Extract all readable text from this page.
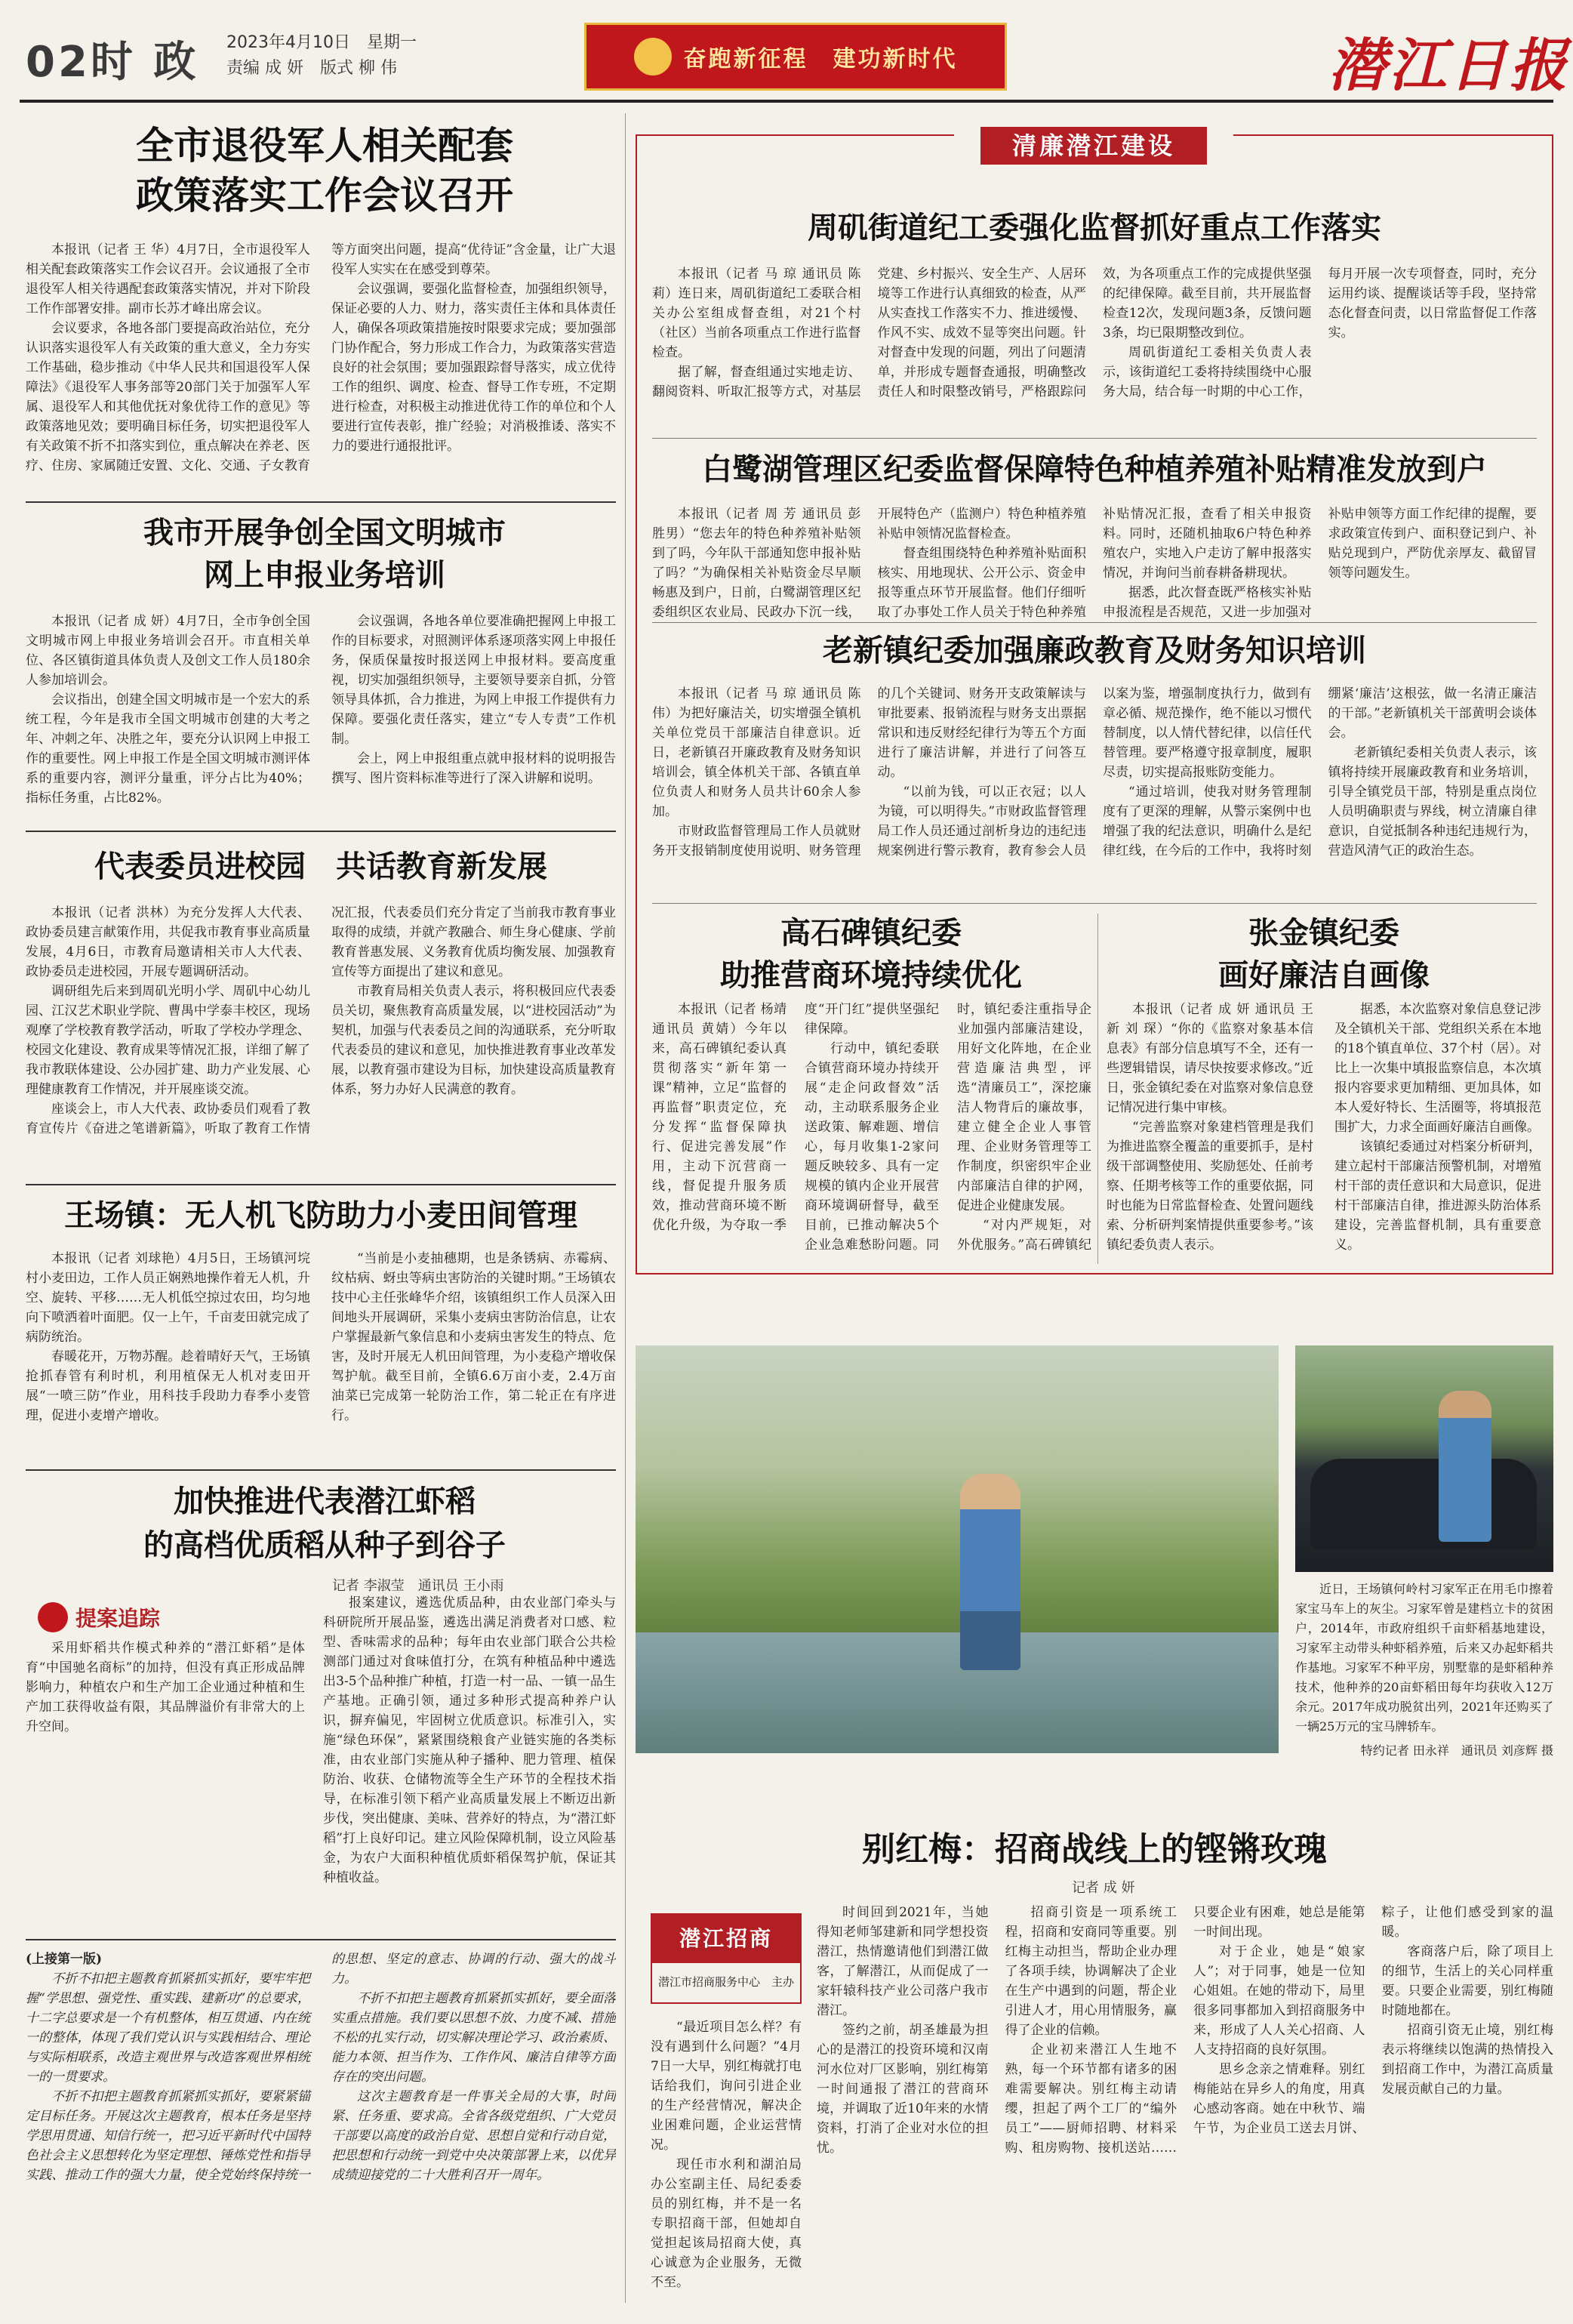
02时 政 2023年4月10日　星期一
责编 成 妍　版式 柳 伟	奋跑新征程　建功新时代	潜江日报
全市退役军人相关配套
政策落实工作会议召开

本报讯（记者 王 华）4月7日，全市退役军人相关配套政策落实工作会议召开。会议通报了全市退役军人相关待遇配套政策落实情况，并对下阶段工作作部署安排。副市长苏才峰出席会议。

会议要求，各地各部门要提高政治站位，充分认识落实退役军人有关政策的重大意义，全力夯实工作基础，稳步推动《中华人民共和国退役军人保障法》《退役军人事务部等20部门关于加强军人军属、退役军人和其他优抚对象优待工作的意见》等政策落地见效；要明确目标任务，切实把退役军人有关政策不折不扣落实到位，重点解决在养老、医疗、住房、家属随迁安置、文化、交通、子女教育等方面突出问题，提高“优待证”含金量，让广大退役军人实实在在感受到尊荣。

会议强调，要强化监督检查，加强组织领导，保证必要的人力、财力，落实责任主体和具体责任人，确保各项政策措施按时限要求完成；要加强部门协作配合，努力形成工作合力，为政策落实营造良好的社会氛围；要加强跟踪督导落实，成立优待工作的组织、调度、检查、督导工作专班，不定期进行检查，对积极主动推进优待工作的单位和个人要进行宣传表彰，推广经验；对消极推诿、落实不力的要进行通报批评。

我市开展争创全国文明城市
网上申报业务培训

本报讯（记者 成 妍）4月7日，全市争创全国文明城市网上申报业务培训会召开。市直相关单位、各区镇街道具体负责人及创文工作人员180余人参加培训会。

会议指出，创建全国文明城市是一个宏大的系统工程，今年是我市全国文明城市创建的大考之年、冲刺之年、决胜之年，要充分认识网上申报工作的重要性。网上申报工作是全国文明城市测评体系的重要内容，测评分量重，评分占比为40%；指标任务重，占比82%。

会议强调，各地各单位要准确把握网上申报工作的目标要求，对照测评体系逐项落实网上申报任务，保质保量按时报送网上申报材料。要高度重视，切实加强组织领导，主要领导要亲自抓，分管领导具体抓，合力推进，为网上申报工作提供有力保障。要强化责任落实，建立“专人专责”工作机制。

会上，网上申报组重点就申报材料的说明报告撰写、图片资料标准等进行了深入讲解和说明。

代表委员进校园　共话教育新发展

本报讯（记者 洪林）为充分发挥人大代表、政协委员建言献策作用，共促我市教育事业高质量发展，4月6日，市教育局邀请相关市人大代表、政协委员走进校园，开展专题调研活动。

调研组先后来到周矶光明小学、周矶中心幼儿园、江汉艺术职业学院、曹禺中学泰丰校区，现场观摩了学校教育教学活动，听取了学校办学理念、校园文化建设、教育成果等情况汇报，详细了解了我市教联体建设、公办园扩建、助力产业发展、心理健康教育工作情况，并开展座谈交流。

座谈会上，市人大代表、政协委员们观看了教育宣传片《奋进之笔谱新篇》，听取了教育工作情况汇报，代表委员们充分肯定了当前我市教育事业取得的成绩，并就产教融合、师生身心健康、学前教育普惠发展、义务教育优质均衡发展、加强教育宣传等方面提出了建议和意见。

市教育局相关负责人表示，将积极回应代表委员关切，聚焦教育高质量发展，以“进校园活动”为契机，加强与代表委员之间的沟通联系，充分听取代表委员的建议和意见，加快推进教育事业改革发展，以教育强市建设为目标，加快建设高质量教育体系，努力办好人民满意的教育。

王场镇：无人机飞防助力小麦田间管理

本报讯（记者 刘球艳）4月5日，王场镇河垸村小麦田边，工作人员正娴熟地操作着无人机，升空、旋转、平移……无人机低空掠过农田，均匀地向下喷洒着叶面肥。仅一上午，千亩麦田就完成了病防统治。

春暖花开，万物苏醒。趁着晴好天气，王场镇抢抓春管有利时机，利用植保无人机对麦田开展“一喷三防”作业，用科技手段助力春季小麦管理，促进小麦增产增收。

“当前是小麦抽穗期，也是条锈病、赤霉病、纹枯病、蚜虫等病虫害防治的关键时期。”王场镇农技中心主任张峰华介绍，该镇组织工作人员深入田间地头开展调研，采集小麦病虫害防治信息，让农户掌握最新气象信息和小麦病虫害发生的特点、危害，及时开展无人机田间管理，为小麦稳产增收保驾护航。截至目前，全镇6.6万亩小麦，2.4万亩油菜已完成第一轮防治工作，第二轮正在有序进行。

加快推进代表潜江虾稻
的高档优质稻从种子到谷子
记者 李淑莹　通讯员 王小雨
提案追踪

采用虾稻共作模式种养的“潜江虾稻”是体育“中国驰名商标”的加持，但没有真正形成品牌影响力，种植农户和生产加工企业通过种植和生产加工获得收益有限，其品牌溢价有非常大的上升空间。

报案建议，遴选优质品种，由农业部门牵头与科研院所开展品鉴，遴选出满足消费者对口感、粒型、香味需求的品种；每年由农业部门联合公共检测部门通过对食味值打分，在筑有种植品种中遴选出3-5个品种推广种植，打造一村一品、一镇一品生产基地。正确引领，通过多种形式提高种养户认识，摒弃偏见，牢固树立优质意识。标准引入，实施“绿色环保”，紧紧围绕粮食产业链实施的各类标准，由农业部门实施从种子播种、肥力管理、植保防治、收获、仓储物流等全生产环节的全程技术指导，在标准引领下稻产业高质量发展上不断迈出新步伐，突出健康、美味、营养好的特点，为“潜江虾稻”打上良好印记。建立风险保障机制，设立风险基金，为农户大面积种植优质虾稻保驾护航，保证其种植收益。

(上接第一版)

不折不扣把主题教育抓紧抓实抓好，要牢牢把握“学思想、强党性、重实践、建新功”的总要求，十二字总要求是一个有机整体，相互贯通、内在统一的整体，体现了我们党认识与实践相结合、理论与实际相联系，改造主观世界与改造客观世界相统一的一贯要求。

不折不扣把主题教育抓紧抓实抓好，要紧紧锚定目标任务。开展这次主题教育，根本任务是坚持学思用贯通、知信行统一，把习近平新时代中国特色社会主义思想转化为坚定理想、锤炼党性和指导实践、推动工作的强大力量，使全党始终保持统一的思想、坚定的意志、协调的行动、强大的战斗力。

不折不扣把主题教育抓紧抓实抓好，要全面落实重点措施。我们要以思想不放、力度不减、措施不松的扎实行动，切实解决理论学习、政治素质、能力本领、担当作为、工作作风、廉洁自律等方面存在的突出问题。

这次主题教育是一件事关全局的大事，时间紧、任务重、要求高。全省各级党组织、广大党员干部要以高度的政治自觉、思想自觉和行动自觉，把思想和行动统一到党中央决策部署上来，以优异成绩迎接党的二十大胜利召开一周年。

清廉潜江建设
周矶街道纪工委强化监督抓好重点工作落实

本报讯（记者 马 琼 通讯员 陈 莉）连日来，周矶街道纪工委联合相关办公室组成督查组，对21个村（社区）当前各项重点工作进行监督检查。

据了解，督查组通过实地走访、翻阅资料、听取汇报等方式，对基层党建、乡村振兴、安全生产、人居环境等工作进行认真细致的检查，从严从实查找工作落实不力、推进缓慢、作风不实、成效不显等突出问题。针对督查中发现的问题，列出了问题清单，并形成专题督查通报，明确整改责任人和时限整改销号，严格跟踪问效，为各项重点工作的完成提供坚强的纪律保障。截至目前，共开展监督检查12次，发现问题3条，反馈问题3条，均已限期整改到位。

周矶街道纪工委相关负责人表示，该街道纪工委将持续围绕中心服务大局，结合每一时期的中心工作，每月开展一次专项督查，同时，充分运用约谈、提醒谈话等手段，坚持常态化督查问责，以日常监督促工作落实。

白鹭湖管理区纪委监督保障特色种植养殖补贴精准发放到户

本报讯（记者 周 芳 通讯员 彭胜男）“您去年的特色种养殖补贴领到了吗，今年队干部通知您申报补贴了吗？”为确保相关补贴资金尽早顺畅惠及到户，日前，白鹭湖管理区纪委组织区农业局、民政办下沉一线，开展特色产（监测户）特色种植养殖补贴申领情况监督检查。

督查组围绕特色种养殖补贴面积核实、用地现状、公开公示、资金申报等重点环节开展监督。他们仔细听取了办事处工作人员关于特色种养殖补贴情况汇报，查看了相关申报资料。同时，还随机抽取6户特色种养殖农户，实地入户走访了解申报落实情况，并询问当前春耕备耕现状。

据悉，此次督查既严格核实补贴申报流程是否规范，又进一步加强对补贴申领等方面工作纪律的提醒，要求政策宣传到户、面积登记到户、补贴兑现到户，严防优亲厚友、截留冒领等问题发生。

老新镇纪委加强廉政教育及财务知识培训

本报讯（记者 马 琼 通讯员 陈伟）为把好廉洁关，切实增强全镇机关单位党员干部廉洁自律意识。近日，老新镇召开廉政教育及财务知识培训会，镇全体机关干部、各镇直单位负责人和财务人员共计60余人参加。

市财政监督管理局工作人员就财务开支报销制度使用说明、财务管理的几个关键词、财务开支政策解读与审批要素、报销流程与财务支出票据常识和违反财经纪律行为等五个方面进行了廉洁讲解，并进行了问答互动。

“以前为钱，可以正衣冠；以人为镜，可以明得失。”市财政监督管理局工作人员还通过剖析身边的违纪违规案例进行警示教育，教育参会人员以案为鉴，增强制度执行力，做到有章必循、规范操作，绝不能以习惯代替制度，以人情代替纪律，以信任代替管理。要严格遵守报章制度，履职尽责，切实提高报账防变能力。

“通过培训，使我对财务管理制度有了更深的理解，从警示案例中也增强了我的纪法意识，明确什么是纪律红线，在今后的工作中，我将时刻绷紧‘廉洁’这根弦，做一名清正廉洁的干部。”老新镇机关干部黄明会谈体会。

老新镇纪委相关负责人表示，该镇将持续开展廉政教育和业务培训，引导全镇党员干部，特别是重点岗位人员明确职责与界线，树立清廉自律意识，自觉抵制各种违纪违规行为，营造风清气正的政治生态。

高石碑镇纪委
助推营商环境持续优化

本报讯（记者 杨靖 通讯员 黄婧）今年以来，高石碑镇纪委认真贯彻落实“新年第一课”精神，立足“监督的再监督”职责定位，充分发挥“监督保障执行、促进完善发展”作用，主动下沉营商一线，督促提升服务质效，推动营商环境不断优化升级，为夺取一季度“开门红”提供坚强纪律保障。

行动中，镇纪委联合镇营商环境办持续开展“走企问政督效”活动，主动联系服务企业送政策、解难题、增信心，每月收集1-2家问题反映较多、具有一定规模的镇内企业开展营商环境调研督导，截至目前，已推动解决5个企业急难愁盼问题。同时，镇纪委注重指导企业加强内部廉洁建设，用好文化阵地，在企业营造廉洁典型，评选“清廉员工”，深挖廉洁人物背后的廉故事，建立健全企业人事管理、企业财务管理等工作制度，织密织牢企业内部廉洁自律的护网，促进企业健康发展。

“对内严规矩，对外优服务。”高石碑镇纪

张金镇纪委
画好廉洁自画像

本报讯（记者 成 妍 通讯员 王 新 刘 琛）“你的《监察对象基本信息表》有部分信息填写不全，还有一些逻辑错误，请尽快按要求修改。”近日，张金镇纪委在对监察对象信息登记情况进行集中审核。

“完善监察对象建档管理是我们为推进监察全覆盖的重要抓手，是村级干部调整使用、奖励惩处、任前考察、任期考核等工作的重要依据，同时也能为日常监督检查、处置问题线索、分析研判案情提供重要参考。”该镇纪委负责人表示。

据悉，本次监察对象信息登记涉及全镇机关干部、党组织关系在本地的18个镇直单位、37个村（居）。对比上一次集中填报监察信息，本次填报内容要求更加精细、更加具体，如本人爱好特长、生活圈等，将填报范围扩大，力求全面画好廉洁自画像。

该镇纪委通过对档案分析研判，建立起村干部廉洁预警机制，对增殖村干部的责任意识和大局意识，促进村干部廉洁自律，推进源头防治体系建设，完善监督机制，具有重要意义。

近日，王场镇何岭村习家军正在用毛巾擦着家宝马车上的灰尘。习家军曾是建档立卡的贫困户，2014年，市政府组织千亩虾稻基地建设，习家军主动带头种虾稻养殖，后来又办起虾稻共作基地。习家军不种平房，别墅靠的是虾稻种养技术，他种养的20亩虾稻田每年均获收入12万余元。2017年成功脱贫出列，2021年还购买了一辆25万元的宝马牌轿车。

特约记者 田永祥　通讯员 刘彦辉 摄
别红梅：招商战线上的铿锵玫瑰
记者 成 妍
潜江招商
潜江市招商服务中心　主办

“最近项目怎么样？有没有遇到什么问题？”4月7日一大早，别红梅就打电话给我们，询问引进企业的生产经营情况，解决企业困难问题，企业运营情况。

现任市水利和湖泊局办公室副主任、局纪委委员的别红梅，并不是一名专职招商干部，但她却自觉担起该局招商大使，真心诚意为企业服务，无微不至。

时间回到2021年，当她得知老师邹建新和同学想投资潜江，热情邀请他们到潜江做客，了解潜江，从而促成了一家轩辕科技产业公司落户我市潜江。

签约之前，胡圣雄最为担心的是潜江的投资环境和汉南河水位对厂区影响，别红梅第一时间通报了潜江的营商环境，并调取了近10年来的水情资料，打消了企业对水位的担忧。

招商引资是一项系统工程，招商和安商同等重要。别红梅主动担当，帮助企业办理了各项手续，协调解决了企业在生产中遇到的问题，帮企业引进人才，用心用情服务，赢得了企业的信赖。

企业初来潜江人生地不熟，每一个环节都有诸多的困难需要解决。别红梅主动请缨，担起了两个工厂的“编外员工”——厨师招聘、材料采购、租房购物、接机送站……只要企业有困难，她总是能第一时间出现。

对于企业，她是“娘家人”；对于同事，她是一位知心姐姐。在她的带动下，局里很多同事都加入到招商服务中来，形成了人人关心招商、人人支持招商的良好氛围。

思乡念亲之情难释。别红梅能站在异乡人的角度，用真心感动客商。她在中秋节、端午节，为企业员工送去月饼、粽子，让他们感受到家的温暖。

客商落户后，除了项目上的细节，生活上的关心同样重要。只要企业需要，别红梅随时随地都在。

招商引资无止境，别红梅表示将继续以饱满的热情投入到招商工作中，为潜江高质量发展贡献自己的力量。
